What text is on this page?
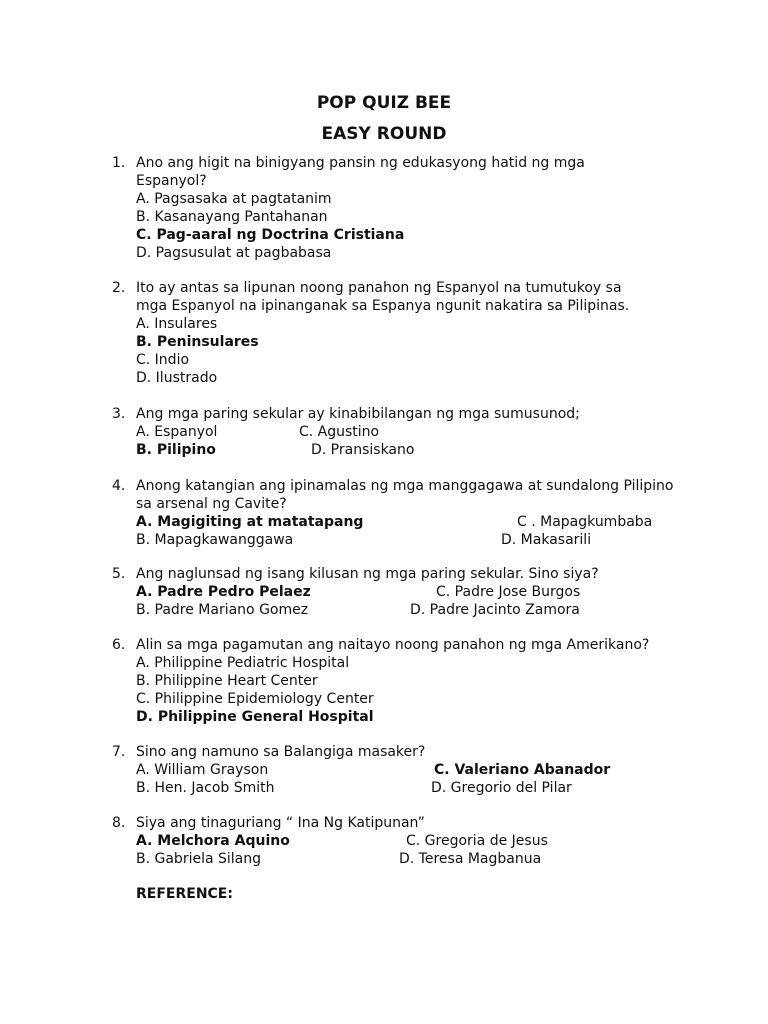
POP QUIZ BEE
EASY ROUND
1. Ano ang higit na binigyang pansin ng edukasyong hatid ng mga
Espanyol?
A. Pagsasaka at pagtatanim
B. Kasanayang Pantahanan
C. Pag-aaral ng Doctrina Cristiana
D. Pagsusulat at pagbabasa
2. Ito ay antas sa lipunan noong panahon ng Espanyol na tumutukoy sa
mga Espanyol na ipinanganak sa Espanya ngunit nakatira sa Pilipinas.
A. Insulares
B. Peninsulares
C. Indio
D. Ilustrado
3. Ang mga paring sekular ay kinabibilangan ng mga sumusunod;
A. Espanyol	C. Agustino
B. Pilipino	D. Pransiskano
4. Anong katangian ang ipinamalas ng mga manggagawa at sundalong Pilipino
sa arsenal ng Cavite?
A. Magigiting at matatapang	C . Mapagkumbaba
B. Mapagkawanggawa	D. Makasarili
5. Ang naglunsad ng isang kilusan ng mga paring sekular. Sino siya?
A. Padre Pedro Pelaez	C. Padre Jose Burgos
B. Padre Mariano Gomez	D. Padre Jacinto Zamora
6. Alin sa mga pagamutan ang naitayo noong panahon ng mga Amerikano?
A. Philippine Pediatric Hospital
B. Philippine Heart Center
C. Philippine Epidemiology Center
D. Philippine General Hospital
7. Sino ang namuno sa Balangiga masaker?
A. William Grayson	C. Valeriano Abanador
B. Hen. Jacob Smith	D. Gregorio del Pilar
8. Siya ang tinaguriang “ Ina Ng Katipunan”
A. Melchora Aquino	C. Gregoria de Jesus
B. Gabriela Silang	D. Teresa Magbanua
REFERENCE:
